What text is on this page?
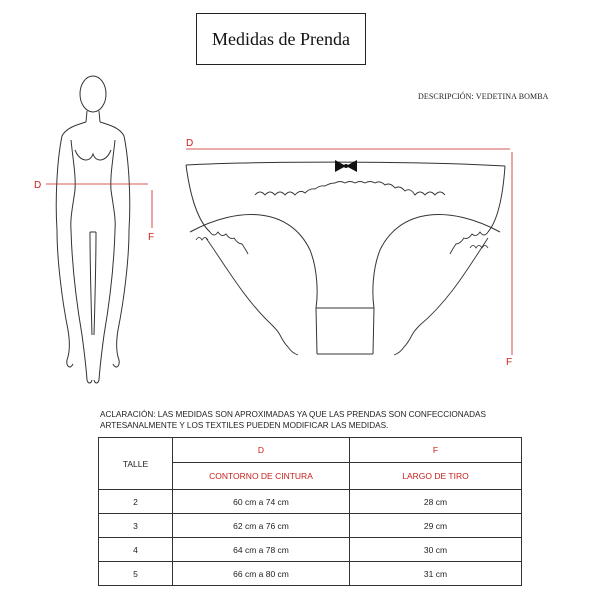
Medidas de Prenda
DESCRIPCIÓN: VEDETINA BOMBA
D
F
D
F
ACLARACIÓN: LAS MEDIDAS SON APROXIMADAS YA QUE LAS PRENDAS SON CONFECCIONADAS ARTESANALMENTE Y LOS TEXTILES PUEDEN MODIFICAR LAS MEDIDAS.
TALLE	D	F
	CONTORNO DE CINTURA	LARGO DE TIRO
2	60 cm a 74 cm	28 cm
3	62 cm a 76 cm	29 cm
4	64 cm a 78 cm	30 cm
5	66 cm a 80 cm	31 cm
